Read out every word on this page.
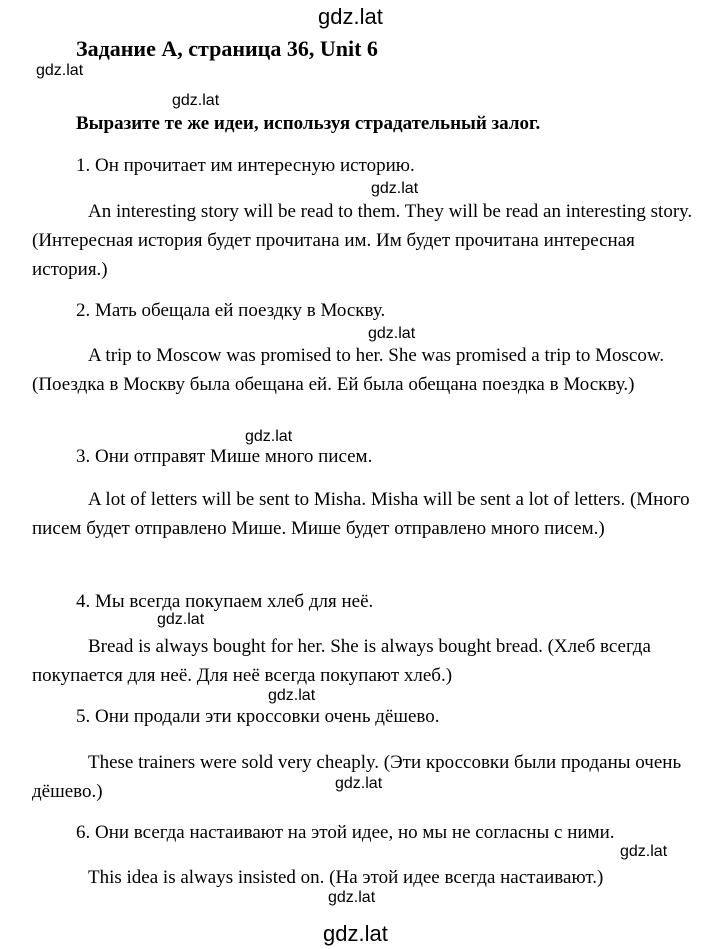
gdz.lat
gdz.lat
gdz.lat
gdz.lat
gdz.lat
gdz.lat
gdz.lat
gdz.lat
gdz.lat
gdz.lat
gdz.lat
gdz.lat
Задание A, страница 36, Unit 6
Выразите те же идеи, используя страдательный залог.
1. Он прочитает им интересную историю.
An interesting story will be read to them. They will be read an interesting story. (Интересная история будет прочитана им. Им будет прочитана интересная история.)
2. Мать обещала ей поездку в Москву.
A trip to Moscow was promised to her. She was promised a trip to Moscow. (Поездка в Москву была обещана ей. Ей была обещана поездка в Москву.)
3. Они отправят Мише много писем.
A lot of letters will be sent to Misha. Misha will be sent a lot of letters. (Много писем будет отправлено Мише. Мише будет отправлено много писем.)
4. Мы всегда покупаем хлеб для неё.
Bread is always bought for her. She is always bought bread. (Хлеб всегда покупается для неё. Для неё всегда покупают хлеб.)
5. Они продали эти кроссовки очень дёшево.
These trainers were sold very cheaply. (Эти кроссовки были проданы очень дёшево.)
6. Они всегда настаивают на этой идее, но мы не согласны с ними.
This idea is always insisted on. (На этой идее всегда настаивают.)
